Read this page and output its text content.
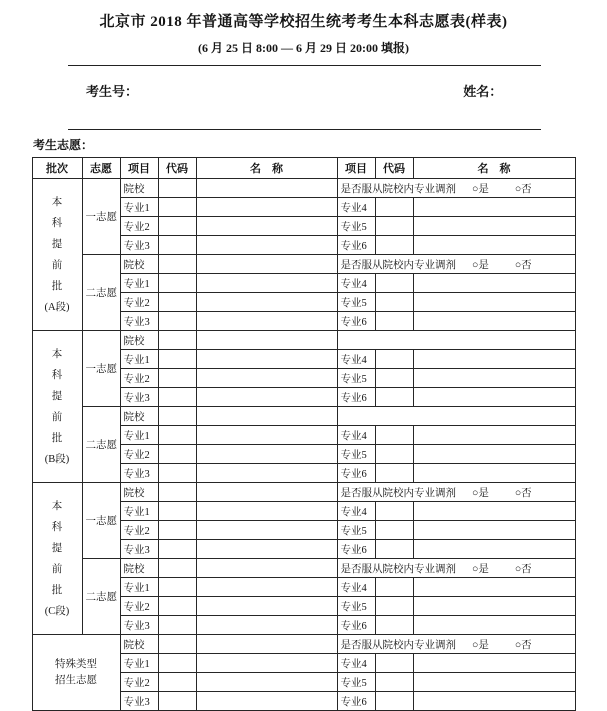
北京市 2018 年普通高等学校招生统考考生本科志愿表(样表)
(6 月 25 日 8:00 — 6 月 29 日 20:00 填报)
考生号：	姓名：
考生志愿：
批次	志愿	项目	代码	名　称	项目	代码	名　称

本
科
提
前
批
(A段)
	一志愿	院校			是否服从院校内专业调剂 ○是 ○否
		专业1			专业4		
		专业2			专业5		
		专业3			专业6		
	二志愿	院校			是否服从院校内专业调剂 ○是 ○否		
		专业1			专业4		
		专业2			专业5		
		专业3			专业6		

本
科
提
前
批
(B段)
	一志愿	院校			
		专业1			专业4		
		专业2			专业5		
		专业3			专业6		
	二志愿	院校					
		专业1			专业4		
		专业2			专业5		
		专业3			专业6		

本
科
提
前
批
(C段)
	一志愿	院校			是否服从院校内专业调剂 ○是 ○否
		专业1			专业4		
		专业2			专业5		
		专业3			专业6		
	二志愿	院校			是否服从院校内专业调剂 ○是 ○否		
		专业1			专业4		
		专业2			专业5		
		专业3			专业6		

特殊类型
招生志愿		院校			是否服从院校内专业调剂 ○是 ○否		
		专业1			专业4		
		专业2			专业5		
		专业3			专业6		
